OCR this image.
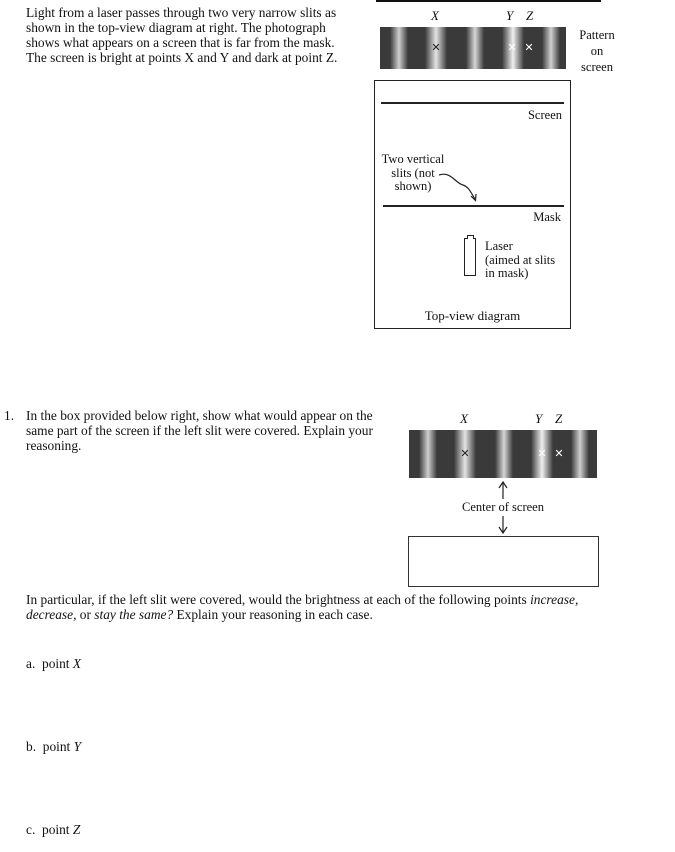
Light from a laser passes through two very narrow slits as shown in the top-view diagram at right. The photograph shows what appears on a screen that is far from the mask. The screen is bright at points X and Y and dark at point Z.
X	Y Z
✕	✕ ✕
Pattern
on
screen
Screen
Two vertical
slits (not
shown)
Mask
Laser
(aimed at slits
in mask)
Top-view diagram
1. In the box provided below right, show what would appear on the same part of the screen if the left slit were covered. Explain your reasoning.
X	Y Z
✕	✕ ✕
Center of screen
In particular, if the left slit were covered, would the brightness at each of the following points increase, decrease, or stay the same? Explain your reasoning in each case.
a. point X
b. point Y
c. point Z
